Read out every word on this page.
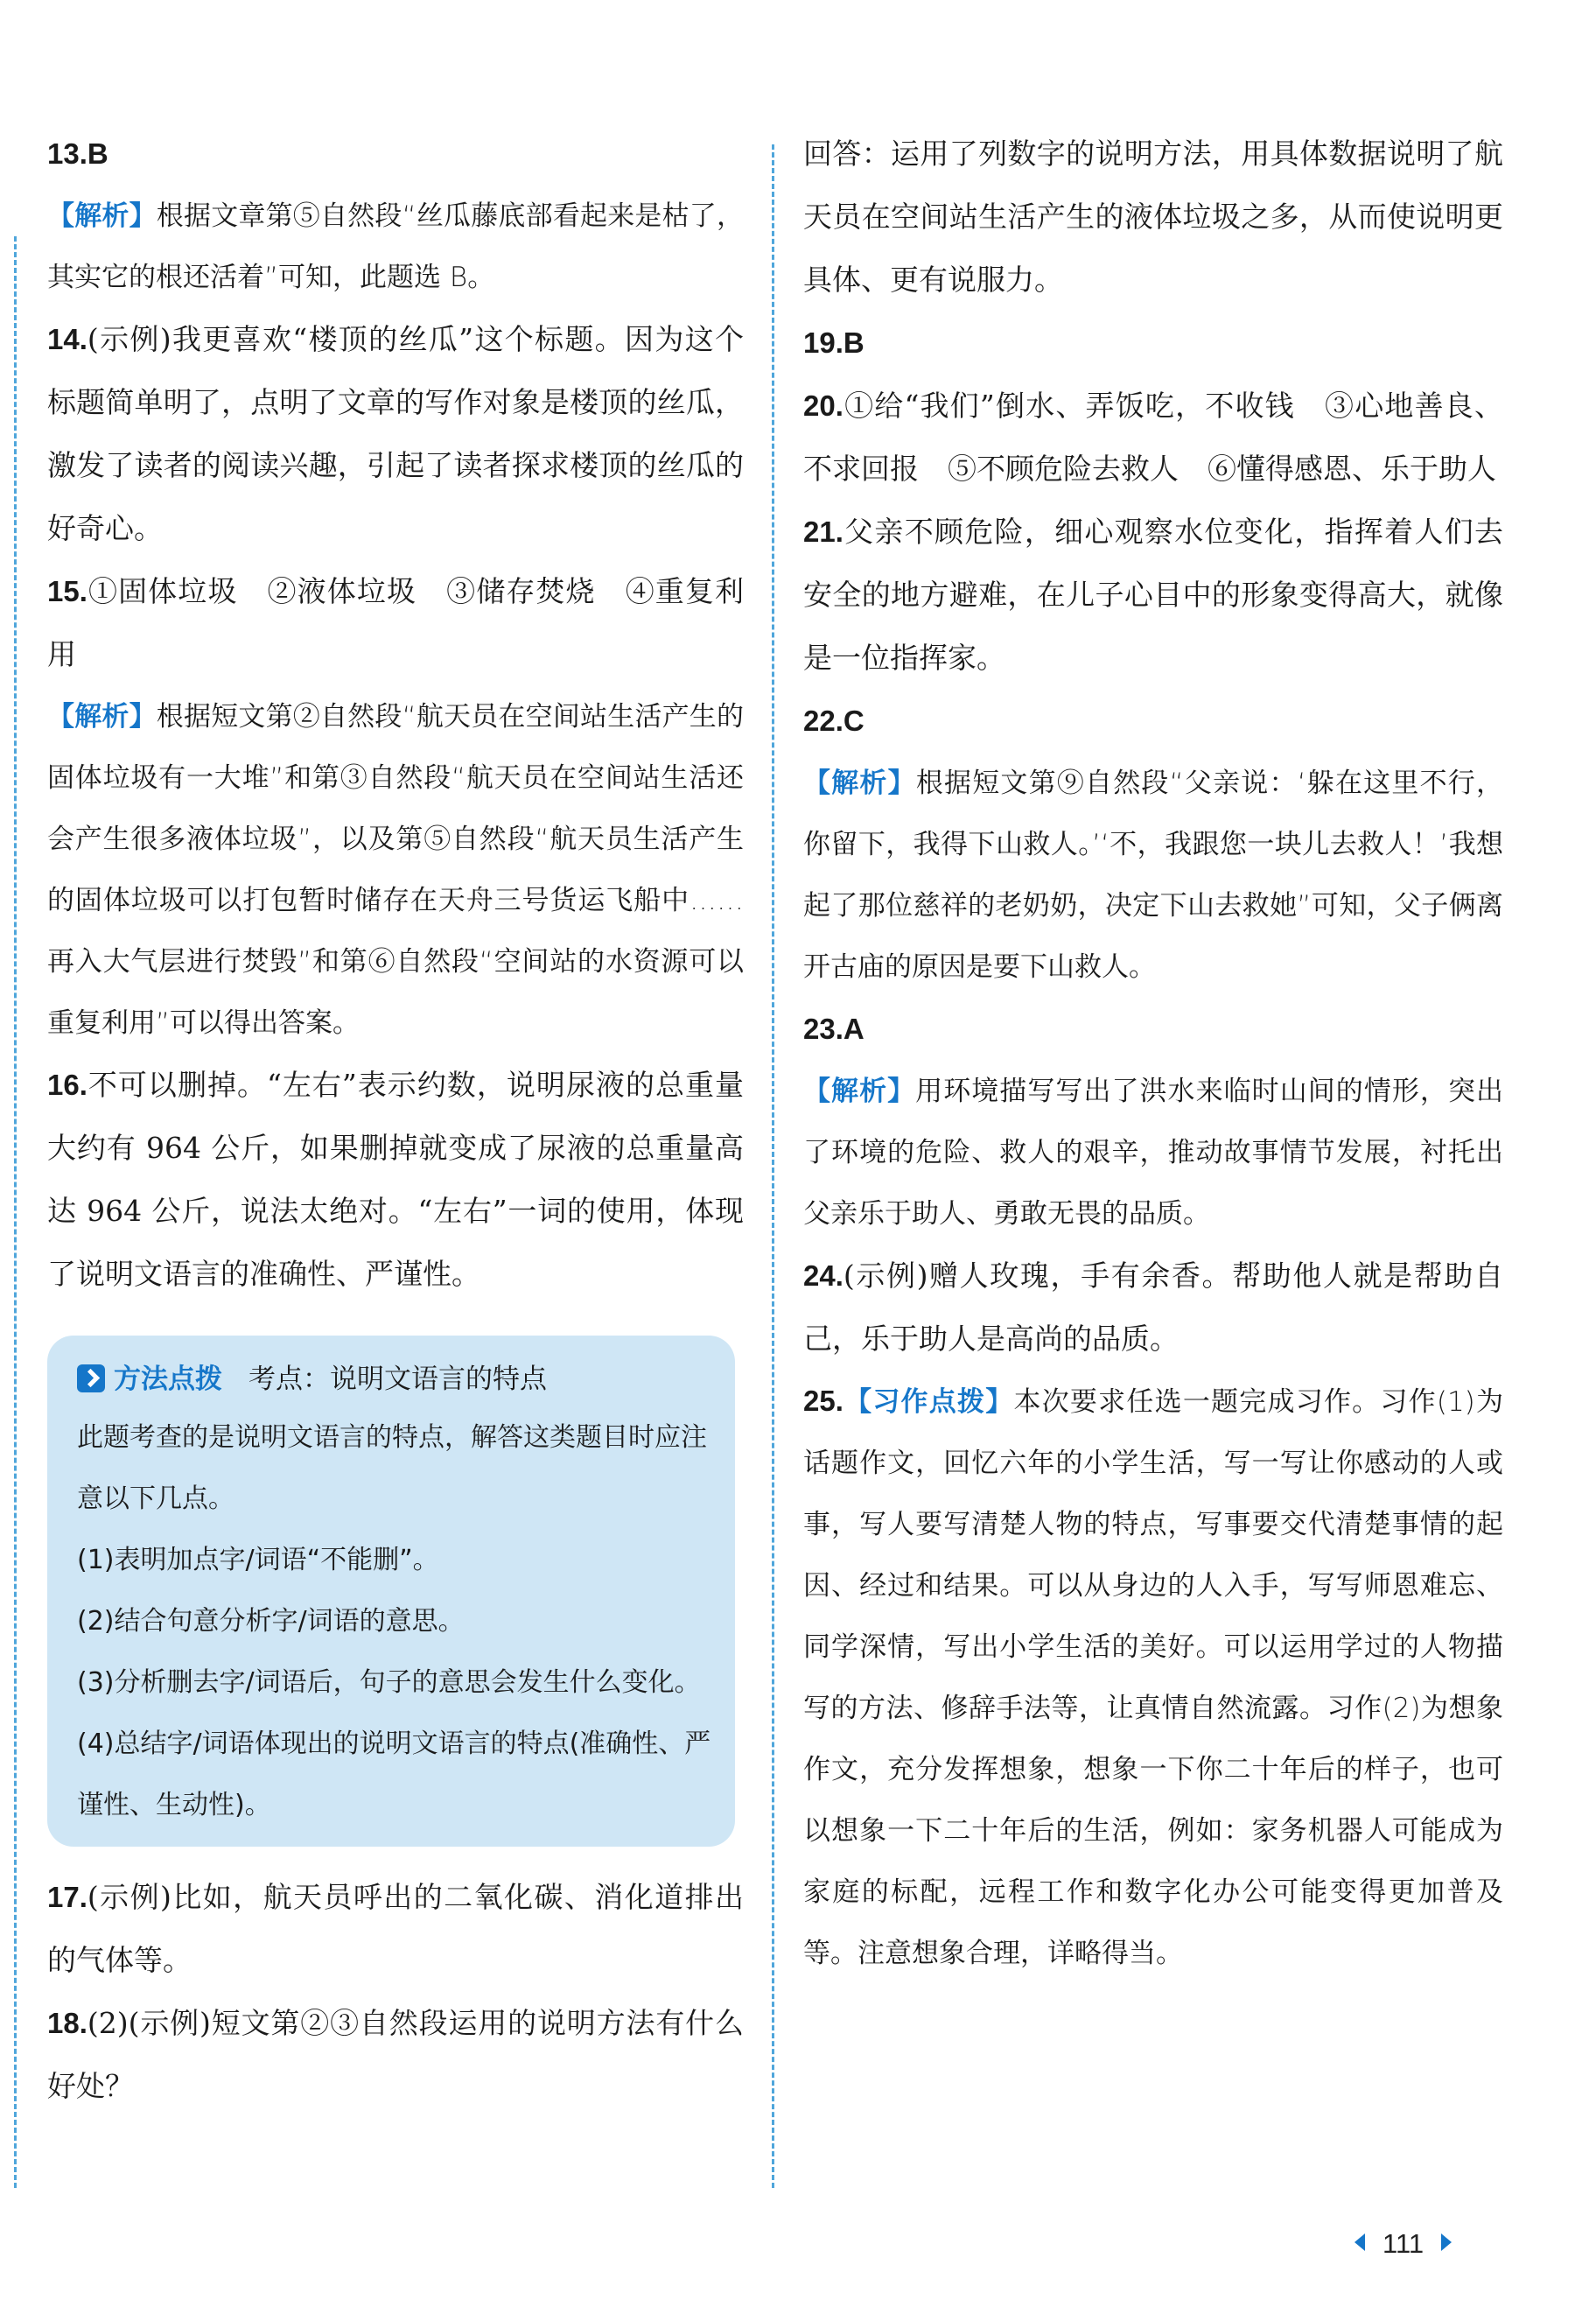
13.B

【解析】根据文章第⑤自然段“丝瓜藤底部看起来是枯了，其实它的根还活着”可知，此题选 B。

14.(示例)我更喜欢“楼顶的丝瓜”这个标题。因为这个标题简单明了，点明了文章的写作对象是楼顶的丝瓜，激发了读者的阅读兴趣，引起了读者探求楼顶的丝瓜的好奇心。

15.①固体垃圾　②液体垃圾　③储存焚烧　④重复利用

【解析】根据短文第②自然段“航天员在空间站生活产生的固体垃圾有一大堆”和第③自然段“航天员在空间站生活还会产生很多液体垃圾”，以及第⑤自然段“航天员生活产生的固体垃圾可以打包暂时储存在天舟三号货运飞船中……再入大气层进行焚毁”和第⑥自然段“空间站的水资源可以重复利用”可以得出答案。

16.不可以删掉。“左右”表示约数，说明尿液的总重量大约有 964 公斤，如果删掉就变成了尿液的总重量高达 964 公斤，说法太绝对。“左右”一词的使用，体现了说明文语言的准确性、严谨性。

方法点拨 考点：说明文语言的特点

此题考查的是说明文语言的特点，解答这类题目时应注意以下几点。

(1)表明加点字/词语“不能删”。

(2)结合句意分析字/词语的意思。

(3)分析删去字/词语后，句子的意思会发生什么变化。

(4)总结字/词语体现出的说明文语言的特点(准确性、严谨性、生动性)。

17.(示例)比如，航天员呼出的二氧化碳、消化道排出的气体等。

18.(2)(示例)短文第②③自然段运用的说明方法有什么好处？

回答：运用了列数字的说明方法，用具体数据说明了航天员在空间站生活产生的液体垃圾之多，从而使说明更具体、更有说服力。

19.B

20.①给“我们”倒水、弄饭吃，不收钱　③心地善良、不求回报　⑤不顾危险去救人　⑥懂得感恩、乐于助人

21.父亲不顾危险，细心观察水位变化，指挥着人们去安全的地方避难，在儿子心目中的形象变得高大，就像是一位指挥家。

22.C

【解析】根据短文第⑨自然段“父亲说：‘躲在这里不行，你留下，我得下山救人。’‘不，我跟您一块儿去救人！’我想起了那位慈祥的老奶奶，决定下山去救她”可知，父子俩离开古庙的原因是要下山救人。

23.A

【解析】用环境描写写出了洪水来临时山间的情形，突出了环境的危险、救人的艰辛，推动故事情节发展，衬托出父亲乐于助人、勇敢无畏的品质。

24.(示例)赠人玫瑰，手有余香。帮助他人就是帮助自己，乐于助人是高尚的品质。

25.【习作点拨】本次要求任选一题完成习作。习作(1)为话题作文，回忆六年的小学生活，写一写让你感动的人或事，写人要写清楚人物的特点，写事要交代清楚事情的起因、经过和结果。可以从身边的人入手，写写师恩难忘、同学深情，写出小学生活的美好。可以运用学过的人物描写的方法、修辞手法等，让真情自然流露。习作(2)为想象作文，充分发挥想象，想象一下你二十年后的样子，也可以想象一下二十年后的生活，例如：家务机器人可能成为家庭的标配，远程工作和数字化办公可能变得更加普及等。注意想象合理，详略得当。

111
